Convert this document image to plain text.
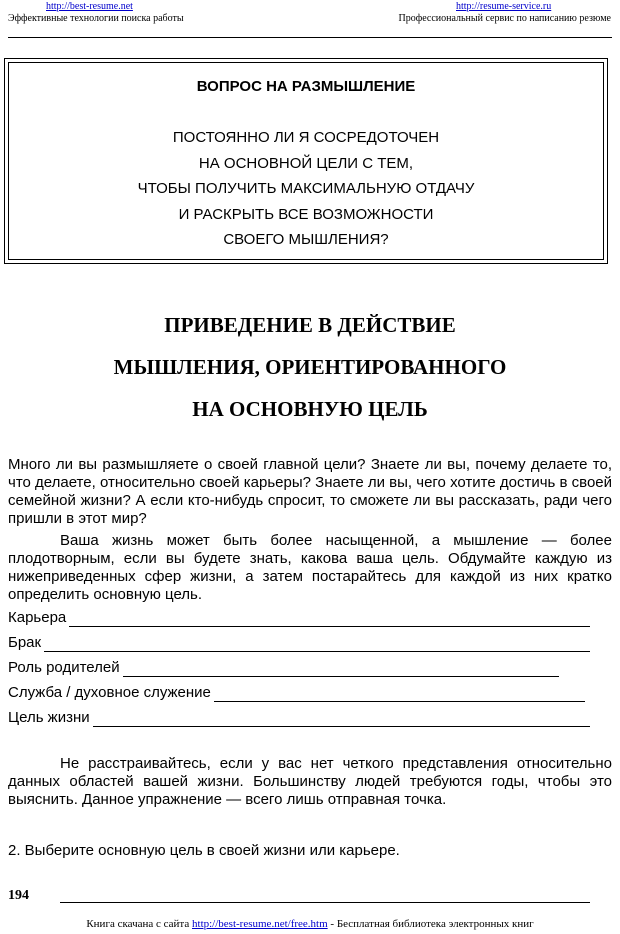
http://best-resume.net	http://resume-service.ru
Эффективные технологии поиска работы	Профессиональный сервис по написанию резюме
ВОПРОС НА РАЗМЫШЛЕНИЕ
ПОСТОЯННО ЛИ Я СОСРЕДОТОЧЕН
НА ОСНОВНОЙ ЦЕЛИ С ТЕМ,
ЧТОБЫ ПОЛУЧИТЬ МАКСИМАЛЬНУЮ ОТДАЧУ
И РАСКРЫТЬ ВСЕ ВОЗМОЖНОСТИ
СВОЕГО МЫШЛЕНИЯ?
ПРИВЕДЕНИЕ В ДЕЙСТВИЕ
МЫШЛЕНИЯ, ОРИЕНТИРОВАННОГО
НА ОСНОВНУЮ ЦЕЛЬ

Много ли вы размышляете о своей главной цели? Знаете ли вы, почему делаете то, что делаете, относительно своей карьеры? Знаете ли вы, чего хотите достичь в своей семейной жизни? А если кто-нибудь спросит, то сможете ли вы рассказать, ради чего пришли в этот мир?

Ваша жизнь может быть более насыщенной, а мышление — более плодотворным, если вы будете знать, какова ваша цель. Обдумайте каждую из нижеприведенных сфер жизни, а затем постарайтесь для каждой из них кратко определить основную цель.

Карьера
Брак
Роль родителей
Служба / духовное служение
Цель жизни

Не расстраивайтесь, если у вас нет четкого представления относительно данных областей вашей жизни. Большинству людей требуются годы, чтобы это выяснить. Данное упражнение — всего лишь отправная точка.

2. Выберите основную цель в своей жизни или карьере.

194
Книга скачана с сайта http://best-resume.net/free.htm - Бесплатная библиотека электронных книг
